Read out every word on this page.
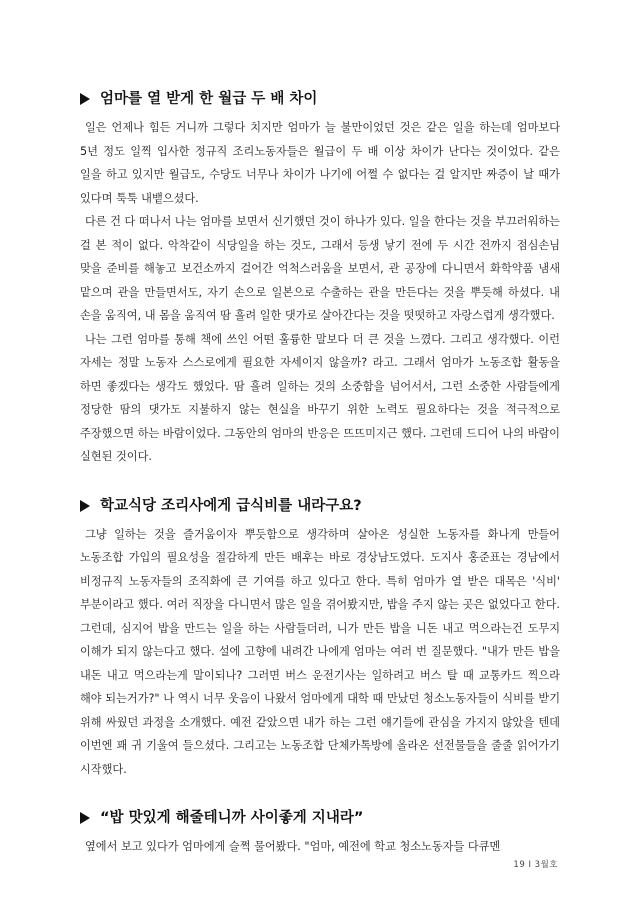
엄마를 열 받게 한 월급 두 배 차이

일은 언제나 힘든 거니까 그렇다 치지만 엄마가 늘 불만이었던 것은 같은 일을 하는데 엄마보다 5년 정도 일찍 입사한 정규직 조리노동자들은 월급이 두 배 이상 차이가 난다는 것이었다. 같은 일을 하고 있지만 월급도, 수당도 너무나 차이가 나기에 어쩔 수 없다는 걸 알지만 짜증이 날 때가 있다며 툭툭 내뱉으셨다.

다른 건 다 떠나서 나는 엄마를 보면서 신기했던 것이 하나가 있다. 일을 한다는 것을 부끄러워하는 걸 본 적이 없다. 악착같이 식당일을 하는 것도, 그래서 등생 낳기 전에 두 시간 전까지 점심손님 맞을 준비를 해놓고 보건소까지 걸어간 억척스러움을 보면서, 관 공장에 다니면서 화학약품 냄새 맡으며 관을 만들면서도, 자기 손으로 일본으로 수출하는 관을 만든다는 것을 뿌듯해 하셨다. 내 손을 움직여, 내 몸을 움직여 땀 흘려 일한 댓가로 살아간다는 것을 떳떳하고 자랑스럽게 생각했다.

나는 그런 엄마를 통해 책에 쓰인 어떤 훌륭한 말보다 더 큰 것을 느꼈다. 그리고 생각했다. 이런 자세는 정말 노동자 스스로에게 필요한 자세이지 않을까? 라고. 그래서 엄마가 노동조합 활동을 하면 좋겠다는 생각도 했었다. 땀 흘려 일하는 것의 소중함을 넘어서서, 그런 소중한 사람들에게 정당한 땀의 댓가도 지불하지 않는 현실을 바꾸기 위한 노력도 필요하다는 것을 적극적으로 주장했으면 하는 바람이었다. 그동안의 엄마의 반응은 뜨뜨미지근 했다. 그런데 드디어 나의 바람이 실현된 것이다.

학교식당 조리사에게 급식비를 내라구요?

그냥 일하는 것을 즐거움이자 뿌듯함으로 생각하며 살아온 성실한 노동자를 화나게 만들어 노동조합 가입의 필요성을 절감하게 만든 배후는 바로 경상남도였다. 도지사 홍준표는 경남에서 비정규직 노동자들의 조직화에 큰 기여를 하고 있다고 한다. 특히 엄마가 열 받은 대목은 '식비' 부분이라고 했다. 여러 직장을 다니면서 많은 일을 겪어봤지만, 밥을 주지 않는 곳은 없었다고 한다. 그런데, 심지어 밥을 만드는 일을 하는 사람들더러, 니가 만든 밥을 니돈 내고 먹으라는건 도무지 이해가 되지 않는다고 했다. 설에 고향에 내려간 나에게 엄마는 여러 번 질문했다. "내가 만든 밥을 내돈 내고 먹으라는게 말이되나? 그러면 버스 운전기사는 일하려고 버스 탈 때 교통카드 찍으라 해야 되는거가?" 나 역시 너무 웃음이 나왔서 엄마에게 대학 때 만났던 청소노동자들이 식비를 받기 위해 싸웠던 과정을 소개했다. 예전 같았으면 내가 하는 그런 얘기들에 관심을 가지지 않았을 텐데 이번엔 꽤 귀 기울여 들으셨다. 그리고는 노동조합 단체카톡방에 올라온 선전물들을 줄줄 읽어가기 시작했다.

“밥 맛있게 해줄테니까 사이좋게 지내라”

옆에서 보고 있다가 엄마에게 슬쩍 물어봤다. "엄마, 예전에 학교 청소노동자들 다큐멘

19 I 3월호
